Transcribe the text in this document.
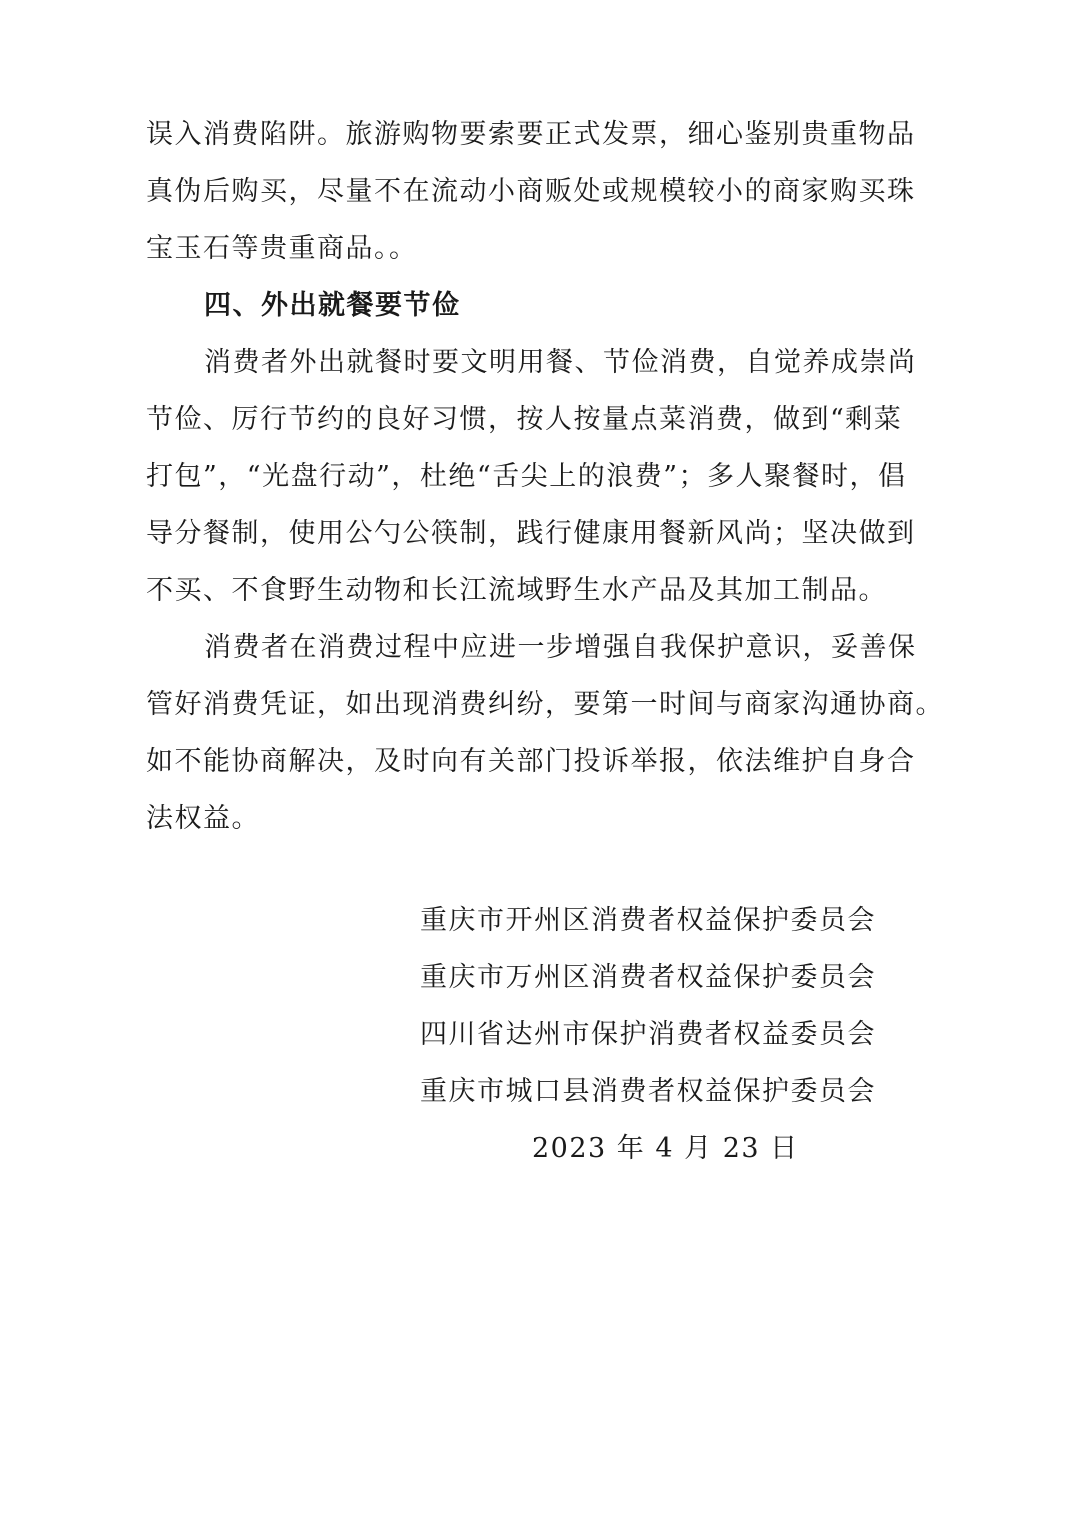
误入消费陷阱。旅游购物要索要正式发票，细心鉴别贵重物品
真伪后购买，尽量不在流动小商贩处或规模较小的商家购买珠
宝玉石等贵重商品。。
四、外出就餐要节俭
消费者外出就餐时要文明用餐、节俭消费，自觉养成崇尚
节俭、厉行节约的良好习惯，按人按量点菜消费，做到“剩菜
打包”，“光盘行动”，杜绝“舌尖上的浪费”；多人聚餐时，倡
导分餐制，使用公勺公筷制，践行健康用餐新风尚；坚决做到
不买、不食野生动物和长江流域野生水产品及其加工制品。
消费者在消费过程中应进一步增强自我保护意识，妥善保
管好消费凭证，如出现消费纠纷，要第一时间与商家沟通协商。
如不能协商解决，及时向有关部门投诉举报，依法维护自身合
法权益。
重庆市开州区消费者权益保护委员会
重庆市万州区消费者权益保护委员会
四川省达州市保护消费者权益委员会
重庆市城口县消费者权益保护委员会
2023 年 4 月 23 日
